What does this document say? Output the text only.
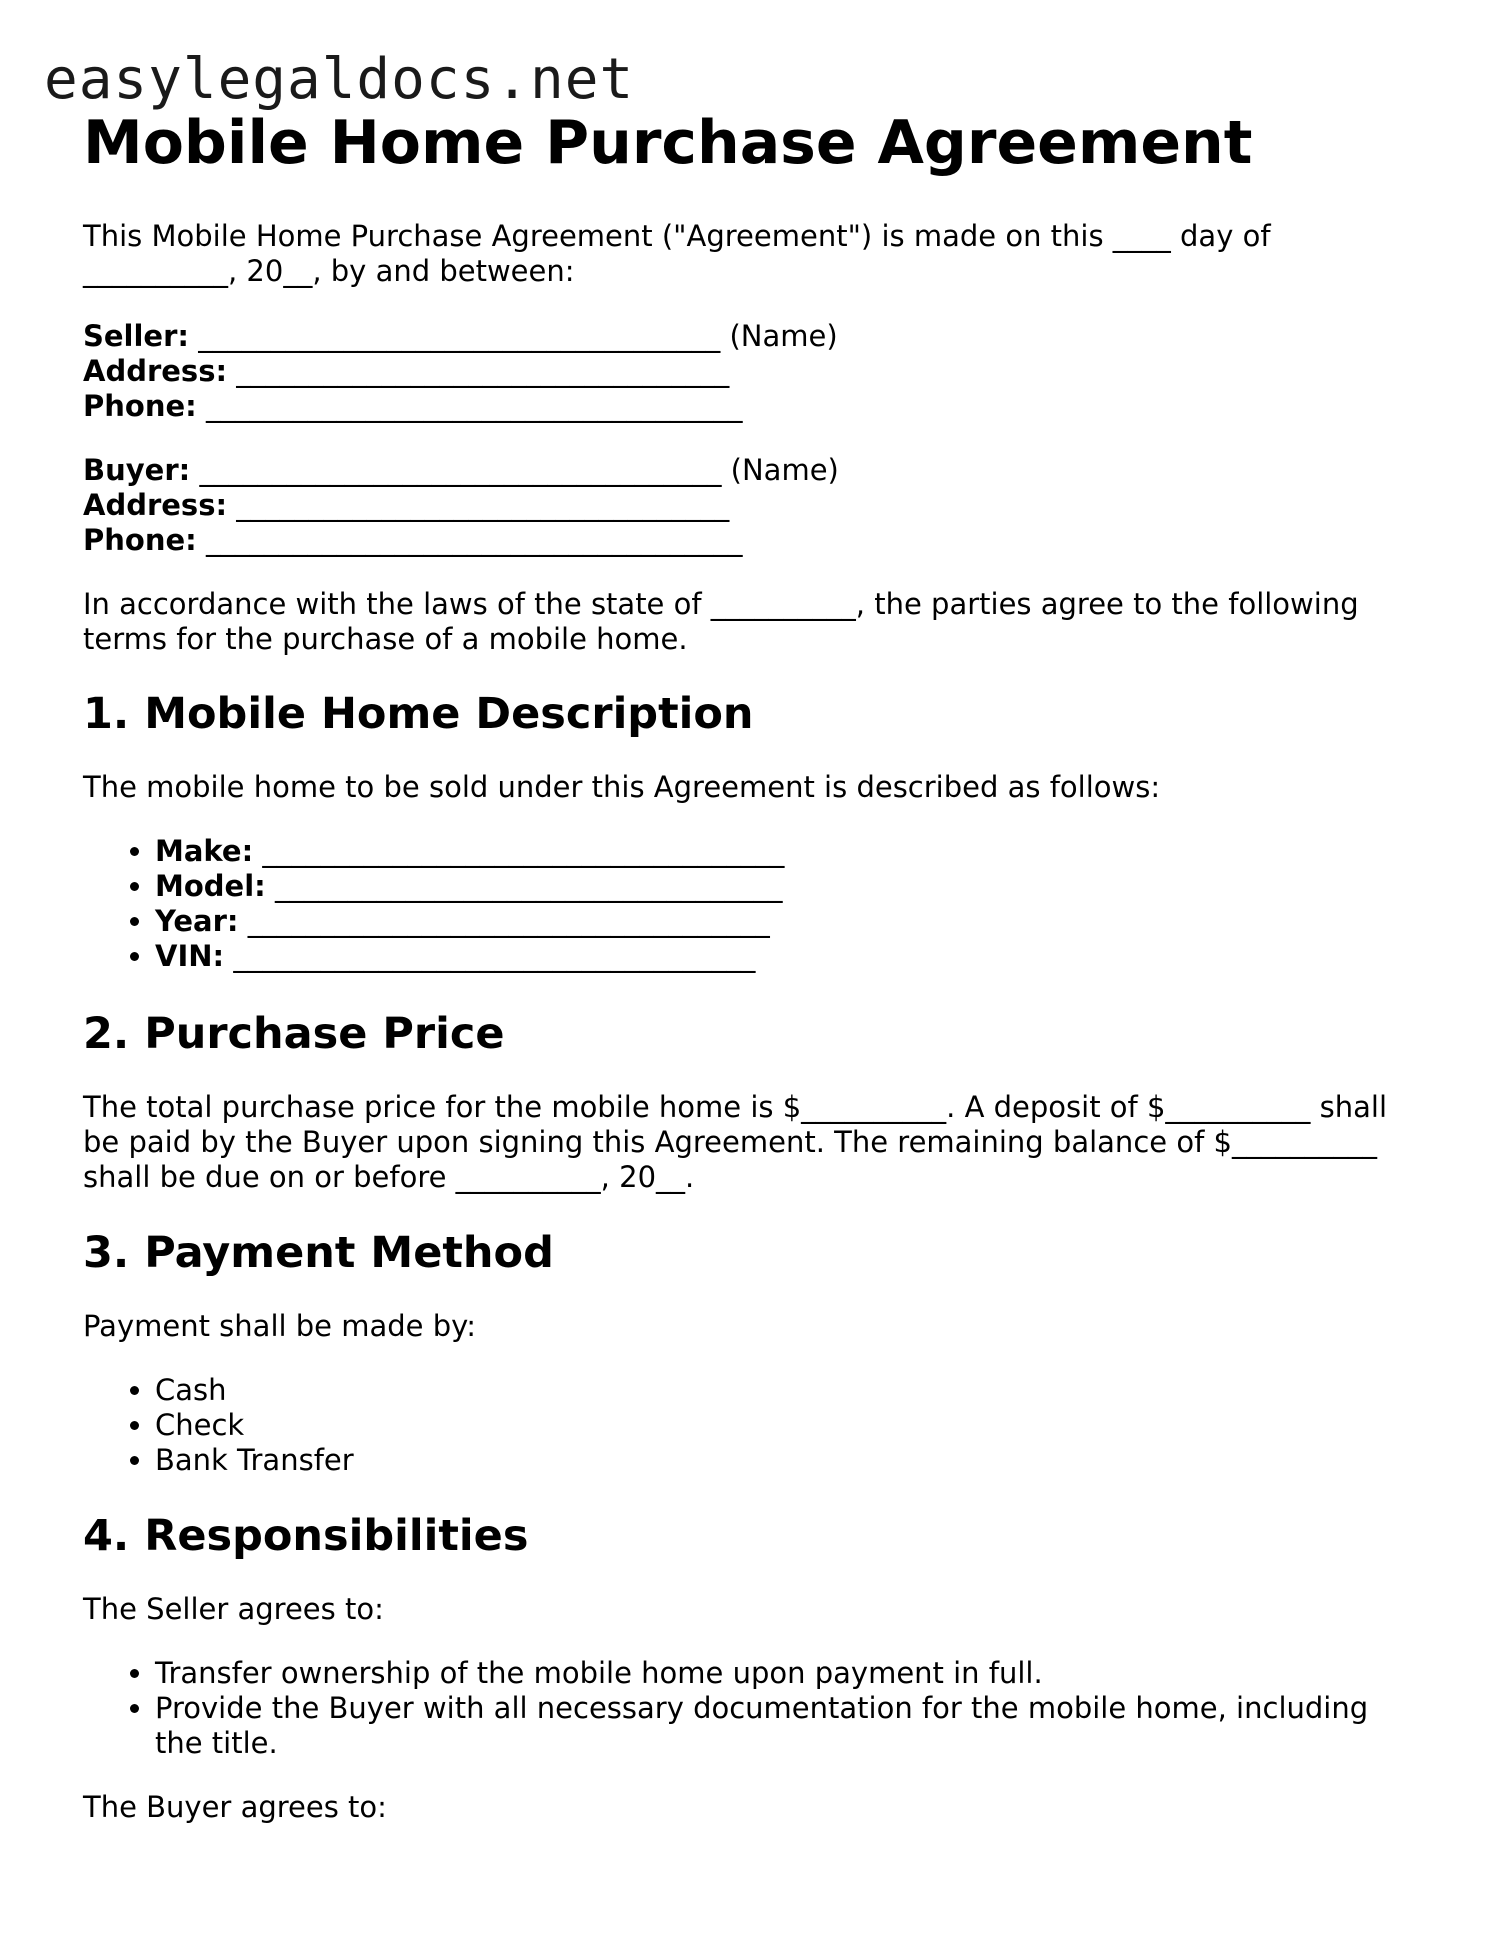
easylegaldocs.net
Mobile Home Purchase Agreement

This Mobile Home Purchase Agreement ("Agreement") is made on this ____ day of __________, 20__, by and between:

Seller: ____________________________________ (Name)
Address: __________________________________
Phone: _____________________________________
Buyer: ____________________________________ (Name)
Address: __________________________________
Phone: _____________________________________

In accordance with the laws of the state of __________, the parties agree to the following terms for the purchase of a mobile home.

1. Mobile Home Description

The mobile home to be sold under this Agreement is described as follows:

• Make: ____________________________________
• Model: ___________________________________
• Year: ____________________________________
• VIN: ____________________________________
2. Purchase Price

The total purchase price for the mobile home is $__________. A deposit of $__________ shall be paid by the Buyer upon signing this Agreement. The remaining balance of $__________ shall be due on or before __________, 20__.

3. Payment Method

Payment shall be made by:

• Cash
• Check
• Bank Transfer
4. Responsibilities

The Seller agrees to:

• Transfer ownership of the mobile home upon payment in full.
• Provide the Buyer with all necessary documentation for the mobile home, including the title.

The Buyer agrees to:
